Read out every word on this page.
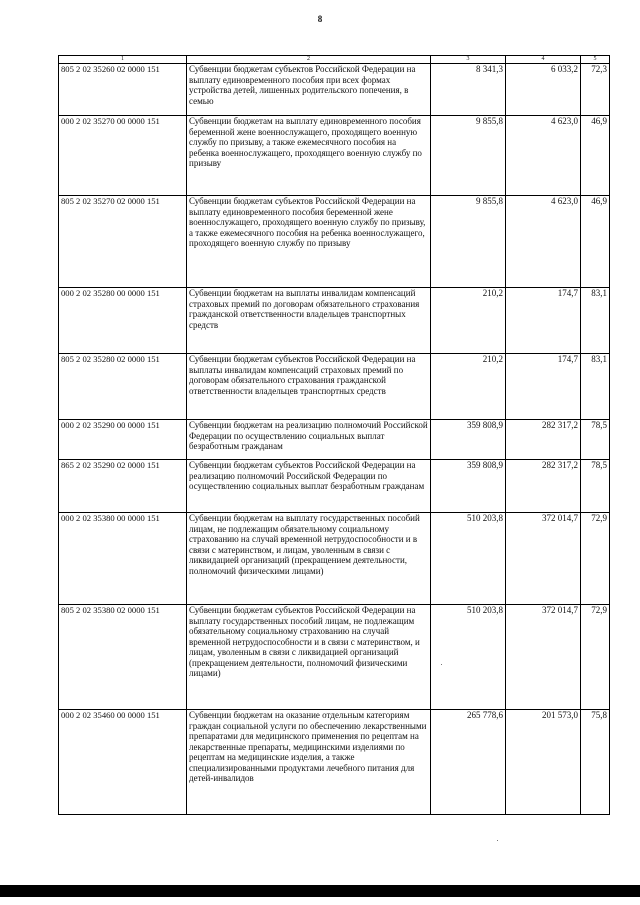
8
1	2	3	4	5
805 2 02 35260 02 0000 151	Субвенции бюджетам субъектов Российской Федерации на выплату единовременного пособия при всех формах устройства детей, лишенных родительского попечения, в семью	8 341,3	6 033,2	72,3
000 2 02 35270 00 0000 151	Субвенции бюджетам на выплату единовременного пособия беременной жене военнослужащего, проходящего военную службу по призыву, а также ежемесячного пособия на ребенка военнослужащего, проходящего военную службу по призыву	9 855,8	4 623,0	46,9
805 2 02 35270 02 0000 151	Субвенции бюджетам субъектов Российской Федерации на выплату единовременного пособия беременной жене военнослужащего, проходящего военную службу по призыву, а также ежемесячного пособия на ребенка военнослужащего, проходящего военную службу по призыву	9 855,8	4 623,0	46,9
000 2 02 35280 00 0000 151	Субвенции бюджетам на выплаты инвалидам компенсаций страховых премий по договорам обязательного страхования гражданской ответственности владельцев транспортных средств	210,2	174,7	83,1
805 2 02 35280 02 0000 151	Субвенции бюджетам субъектов Российской Федерации на выплаты инвалидам компенсаций страховых премий по договорам обязательного страхования гражданской ответственности владельцев транспортных средств	210,2	174,7	83,1
000 2 02 35290 00 0000 151	Субвенции бюджетам на реализацию полномочий Российской Федерации по осуществлению социальных выплат безработным гражданам	359 808,9	282 317,2	78,5
865 2 02 35290 02 0000 151	Субвенции бюджетам субъектов Российской Федерации на реализацию полномочий Российской Федерации по осуществлению социальных выплат безработным гражданам	359 808,9	282 317,2	78,5
000 2 02 35380 00 0000 151	Субвенции бюджетам на выплату государственных пособий лицам, не подлежащим обязательному социальному страхованию на случай временной нетрудоспособности и в связи с материнством, и лицам, уволенным в связи с ликвидацией организаций (прекращением деятельности, полномочий физическими лицами)	510 203,8	372 014,7	72,9
805 2 02 35380 02 0000 151	Субвенции бюджетам субъектов Российской Федерации на выплату государственных пособий лицам, не подлежащим обязательному социальному страхованию на случай временной нетрудоспособности и в связи с материнством, и лицам, уволенным в связи с ликвидацией организаций (прекращением деятельности, полномочий физическими лицами)	510 203,8	372 014,7	72,9
000 2 02 35460 00 0000 151	Субвенции бюджетам на оказание отдельным категориям граждан социальной услуги по обеспечению лекарственными препаратами для медицинского применения по рецептам на лекарственные препараты, медицинскими изделиями по рецептам на медицинские изделия, а также специализированными продуктами лечебного питания для детей-инвалидов	265 778,6	201 573,0	75,8
